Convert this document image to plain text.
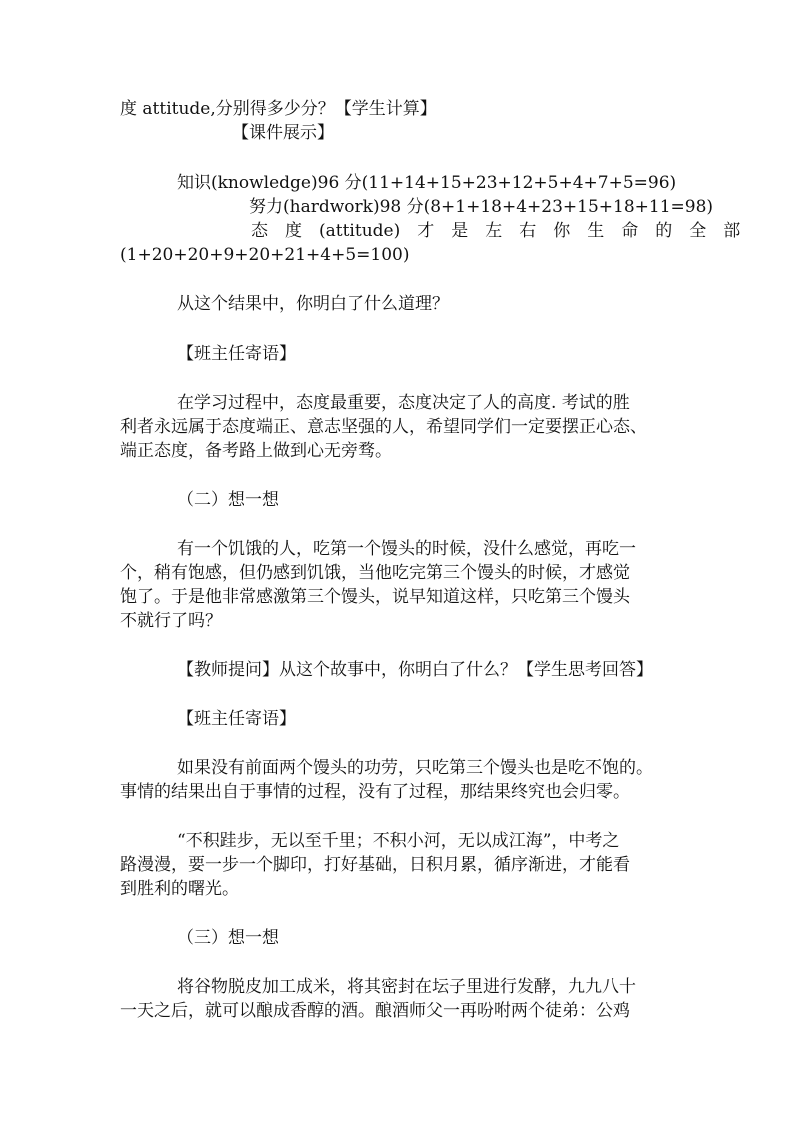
度 attitude,分别得多少分？【学生计算】
【课件展示】
知识(knowledge)96 分(11+14+15+23+12+5+4+7+5=96)
努力(hardwork)98 分(8+1+18+4+23+15+18+11=98)
态　度　(attitude)　才　是　左　右　你　生　命　的　全　部
(1+20+20+9+20+21+4+5=100)
从这个结果中，你明白了什么道理？
【班主任寄语】
在学习过程中，态度最重要，态度决定了人的高度. 考试的胜
利者永远属于态度端正、意志坚强的人，希望同学们一定要摆正心态、
端正态度，备考路上做到心无旁骛。
（二）想一想
有一个饥饿的人，吃第一个馒头的时候，没什么感觉，再吃一
个，稍有饱感，但仍感到饥饿，当他吃完第三个馒头的时候，才感觉
饱了。于是他非常感激第三个馒头，说早知道这样，只吃第三个馒头
不就行了吗？
【教师提问】从这个故事中，你明白了什么？【学生思考回答】
【班主任寄语】
如果没有前面两个馒头的功劳，只吃第三个馒头也是吃不饱的。
事情的结果出自于事情的过程，没有了过程，那结果终究也会归零。
“不积跬步，无以至千里；不积小河，无以成江海”，中考之
路漫漫，要一步一个脚印，打好基础，日积月累，循序渐进，才能看
到胜利的曙光。
（三）想一想
将谷物脱皮加工成米，将其密封在坛子里进行发酵，九九八十
一天之后，就可以酿成香醇的酒。酿酒师父一再吩咐两个徒弟：公鸡
